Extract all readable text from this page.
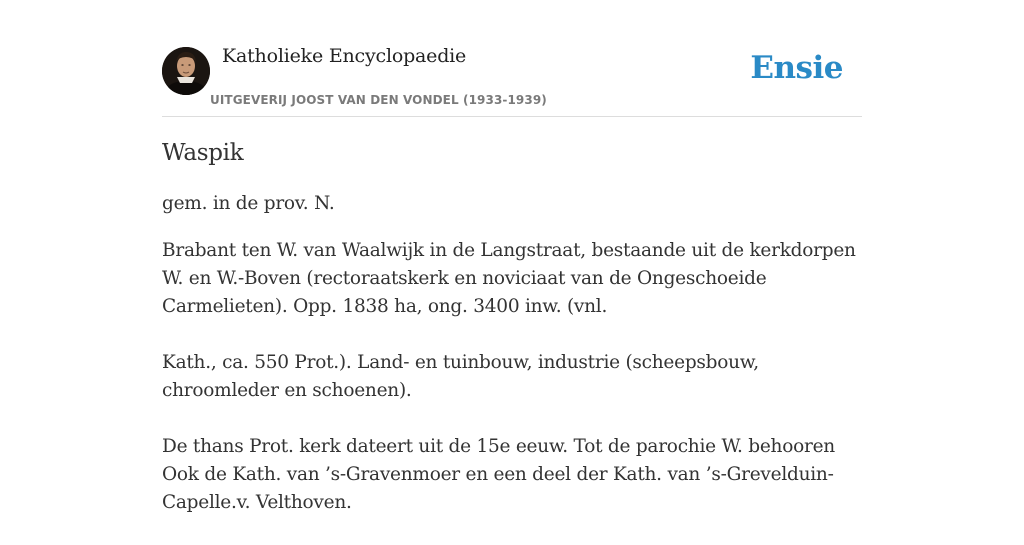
Katholieke Encyclopaedie
UITGEVERIJ JOOST VAN DEN VONDEL (1933-1939)
Ensie
Waspik

gem. in de prov. N.

Brabant ten W. van Waalwijk in de Langstraat, bestaande uit de kerkdorpen W. en W.-Boven (rectoraatskerk en noviciaat van de Ongeschoeide Carmelieten). Opp. 1838 ha, ong. 3400 inw. (vnl.

Kath., ca. 550 Prot.). Land- en tuinbouw, industrie (scheepsbouw, chroomleder en schoenen).

De thans Prot. kerk dateert uit de 15e eeuw. Tot de parochie W. behooren Ook de Kath. van ’s-Gravenmoer en een deel der Kath. van ’s-Grevelduin-Capelle.v. Velthoven.
